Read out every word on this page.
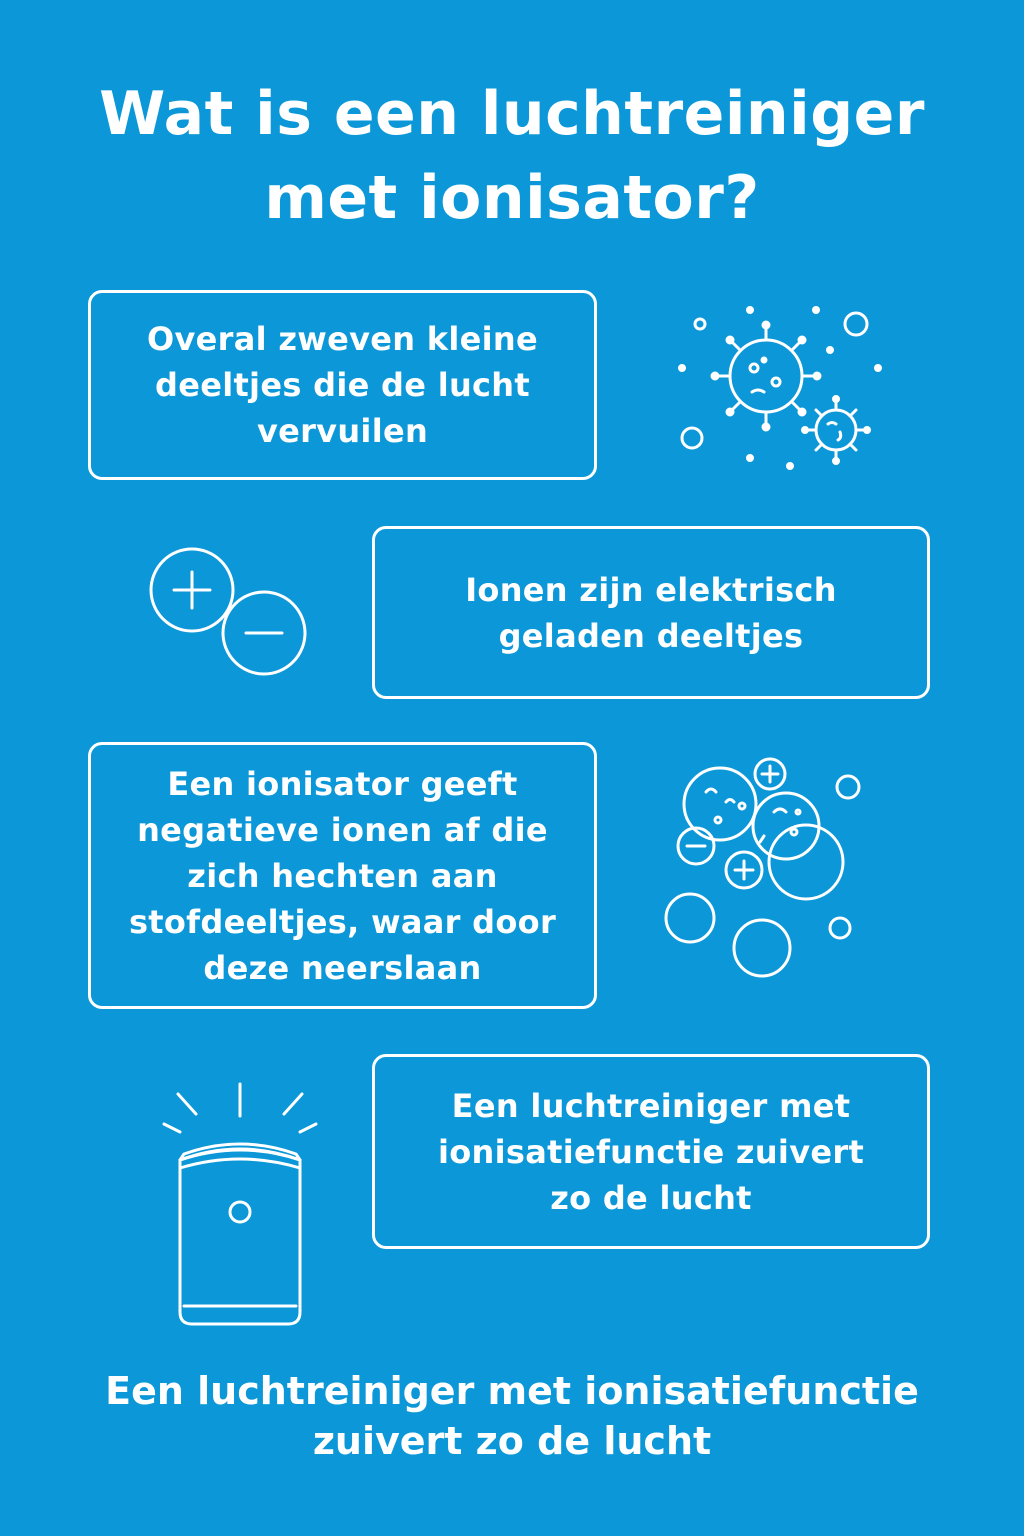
Wat is een luchtreiniger
met ionisator?
Overal zweven kleine
deeltjes die de lucht
vervuilen
Ionen zijn elektrisch
geladen deeltjes
Een ionisator geeft
negatieve ionen af die
zich hechten aan
stofdeeltjes, waar door
deze neerslaan
Een luchtreiniger met
ionisatiefunctie zuivert
zo de lucht
Een luchtreiniger met ionisatiefunctie
zuivert zo de lucht
